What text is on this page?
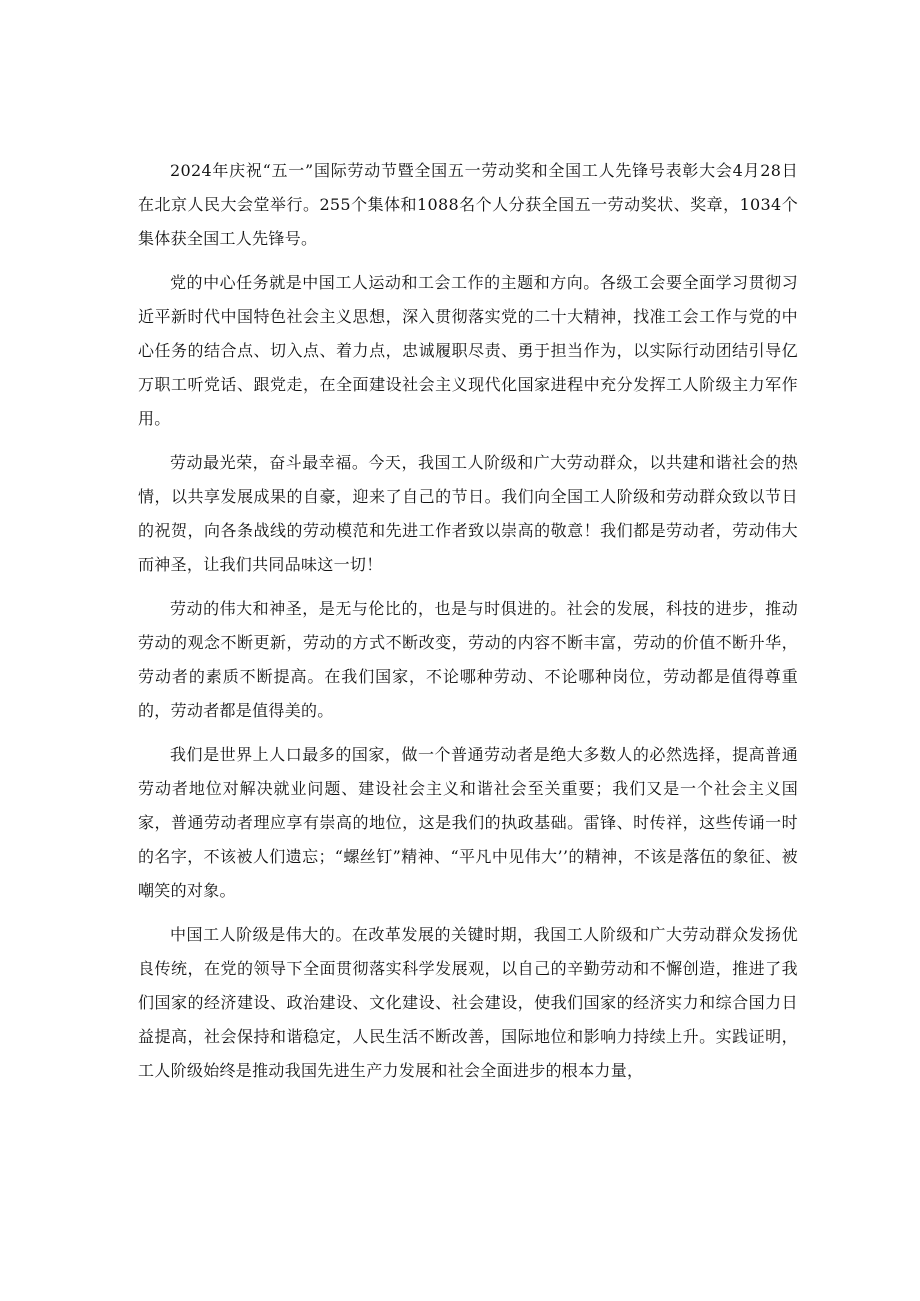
2024年庆祝“五一”国际劳动节暨全国五一劳动奖和全国工人先锋号表彰大会4月28日在北京人民大会堂举行。255个集体和1088名个人分获全国五一劳动奖状、奖章，1034个集体获全国工人先锋号。

党的中心任务就是中国工人运动和工会工作的主题和方向。各级工会要全面学习贯彻习近平新时代中国特色社会主义思想，深入贯彻落实党的二十大精神，找准工会工作与党的中心任务的结合点、切入点、着力点，忠诚履职尽责、勇于担当作为，以实际行动团结引导亿万职工听党话、跟党走，在全面建设社会主义现代化国家进程中充分发挥工人阶级主力军作用。

劳动最光荣，奋斗最幸福。今天，我国工人阶级和广大劳动群众，以共建和谐社会的热情，以共享发展成果的自豪，迎来了自己的节日。我们向全国工人阶级和劳动群众致以节日的祝贺，向各条战线的劳动模范和先进工作者致以崇高的敬意！我们都是劳动者，劳动伟大而神圣，让我们共同品味这一切！

劳动的伟大和神圣，是无与伦比的，也是与时俱进的。社会的发展，科技的进步，推动劳动的观念不断更新，劳动的方式不断改变，劳动的内容不断丰富，劳动的价值不断升华，劳动者的素质不断提高。在我们国家，不论哪种劳动、不论哪种岗位，劳动都是值得尊重的，劳动者都是值得美的。

我们是世界上人口最多的国家，做一个普通劳动者是绝大多数人的必然选择，提高普通劳动者地位对解决就业问题、建设社会主义和谐社会至关重要；我们又是一个社会主义国家，普通劳动者理应享有崇高的地位，这是我们的执政基础。雷锋、时传祥，这些传诵一时的名字，不该被人们遗忘；“螺丝钉”精神、“平凡中见伟大’’的精神，不该是落伍的象征、被嘲笑的对象。

中国工人阶级是伟大的。在改革发展的关键时期，我国工人阶级和广大劳动群众发扬优良传统，在党的领导下全面贯彻落实科学发展观，以自己的辛勤劳动和不懈创造，推进了我们国家的经济建设、政治建设、文化建设、社会建设，使我们国家的经济实力和综合国力日益提高，社会保持和谐稳定，人民生活不断改善，国际地位和影响力持续上升。实践证明，工人阶级始终是推动我国先进生产力发展和社会全面进步的根本力量，
